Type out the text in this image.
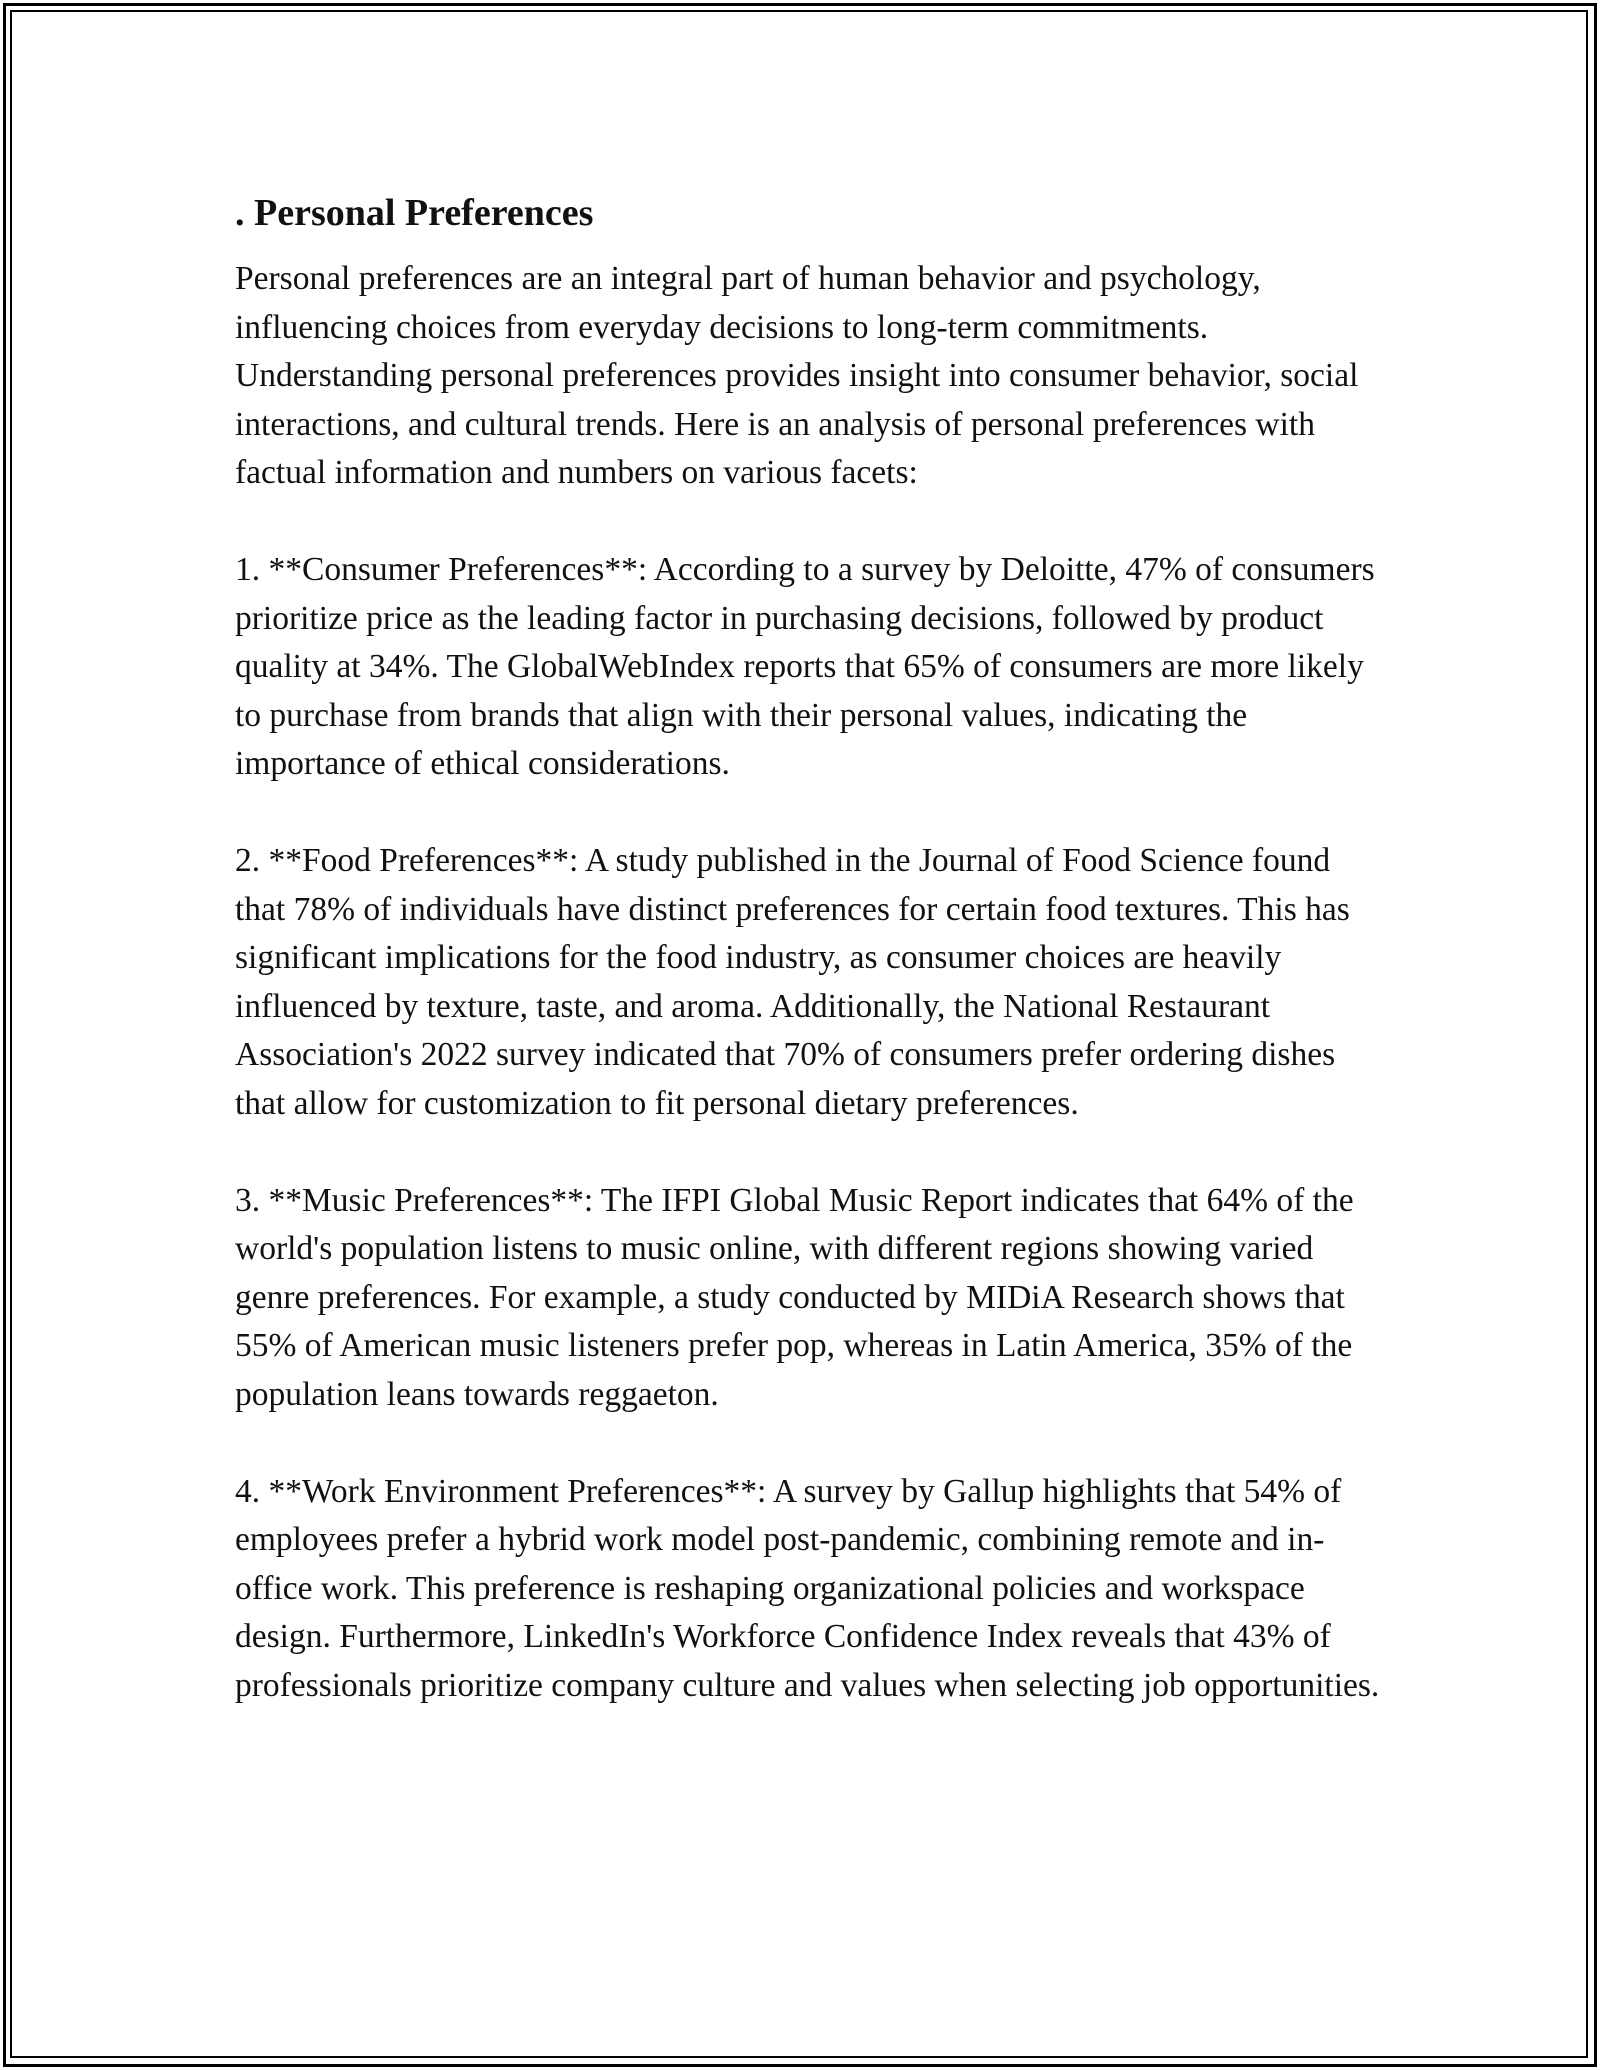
. Personal Preferences

Personal preferences are an integral part of human behavior and psychology, influencing choices from everyday decisions to long-term commitments. Understanding personal preferences provides insight into consumer behavior, social interactions, and cultural trends. Here is an analysis of personal preferences with factual information and numbers on various facets:

1. **Consumer Preferences**: According to a survey by Deloitte, 47% of consumers prioritize price as the leading factor in purchasing decisions, followed by product quality at 34%. The GlobalWebIndex reports that 65% of consumers are more likely to purchase from brands that align with their personal values, indicating the importance of ethical considerations.

2. **Food Preferences**: A study published in the Journal of Food Science found that 78% of individuals have distinct preferences for certain food textures. This has significant implications for the food industry, as consumer choices are heavily influenced by texture, taste, and aroma. Additionally, the National Restaurant Association's 2022 survey indicated that 70% of consumers prefer ordering dishes that allow for customization to fit personal dietary preferences.

3. **Music Preferences**: The IFPI Global Music Report indicates that 64% of the world's population listens to music online, with different regions showing varied genre preferences. For example, a study conducted by MIDiA Research shows that 55% of American music listeners prefer pop, whereas in Latin America, 35% of the population leans towards reggaeton.

4. **Work Environment Preferences**: A survey by Gallup highlights that 54% of employees prefer a hybrid work model post-pandemic, combining remote and in-office work. This preference is reshaping organizational policies and workspace design. Furthermore, LinkedIn's Workforce Confidence Index reveals that 43% of professionals prioritize company culture and values when selecting job opportunities.
